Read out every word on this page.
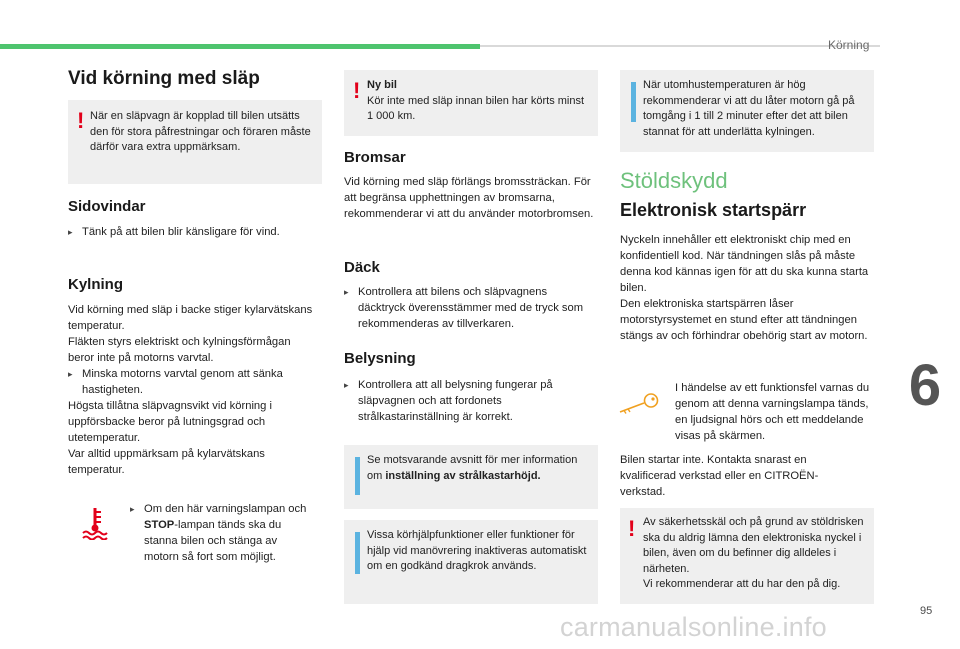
Körning
6
95
carmanualsonline.info
Vid körning med släp
! När en släpvagn är kopplad till bilen utsätts den för stora påfrestningar och föraren måste därför vara extra uppmärksam.
Sidovindar
▸ Tänk på att bilen blir känsligare för vind.
Kylning
Vid körning med släp i backe stiger kylarvätskans temperatur.
Fläkten styrs elektriskt och kylningsförmågan beror inte på motorns varvtal.
▸ Minska motorns varvtal genom att sänka hastigheten.
Högsta tillåtna släpvagnsvikt vid körning i uppförsbacke beror på lutningsgrad och utetemperatur.
Var alltid uppmärksam på kylarvätskans temperatur.
▸ Om den här varningslampan och STOP-lampan tänds ska du stanna bilen och stänga av motorn så fort som möjligt.
! Ny bil
Kör inte med släp innan bilen har körts minst 1 000 km.
Bromsar
Vid körning med släp förlängs bromssträckan. För att begränsa upphettningen av bromsarna, rekommenderar vi att du använder motorbromsen.
Däck
▸ Kontrollera att bilens och släpvagnens däcktryck överensstämmer med de tryck som rekommenderas av tillverkaren.
Belysning
▸ Kontrollera att all belysning fungerar på släpvagnen och att fordonets strålkastarinställning är korrekt.
Se motsvarande avsnitt för mer information om inställning av strålkastarhöjd.
Vissa körhjälpfunktioner eller funktioner för hjälp vid manövrering inaktiveras automatiskt om en godkänd dragkrok används.
När utomhustemperaturen är hög rekommenderar vi att du låter motorn gå på tomgång i 1 till 2 minuter efter det att bilen stannat för att underlätta kylningen.
Stöldskydd
Elektronisk startspärr
Nyckeln innehåller ett elektroniskt chip med en konfidentiell kod. När tändningen slås på måste denna kod kännas igen för att du ska kunna starta bilen.
Den elektroniska startspärren låser motorstyrsystemet en stund efter att tändningen stängs av och förhindrar obehörig start av motorn.
I händelse av ett funktionsfel varnas du genom att denna varningslampa tänds, en ljudsignal hörs och ett meddelande visas på skärmen.
Bilen startar inte. Kontakta snarast en kvalificerad verkstad eller en CITROËN-verkstad.
! Av säkerhetsskäl och på grund av stöldrisken ska du aldrig lämna den elektroniska nyckel i bilen, även om du befinner dig alldeles i närheten.
Vi rekommenderar att du har den på dig.
